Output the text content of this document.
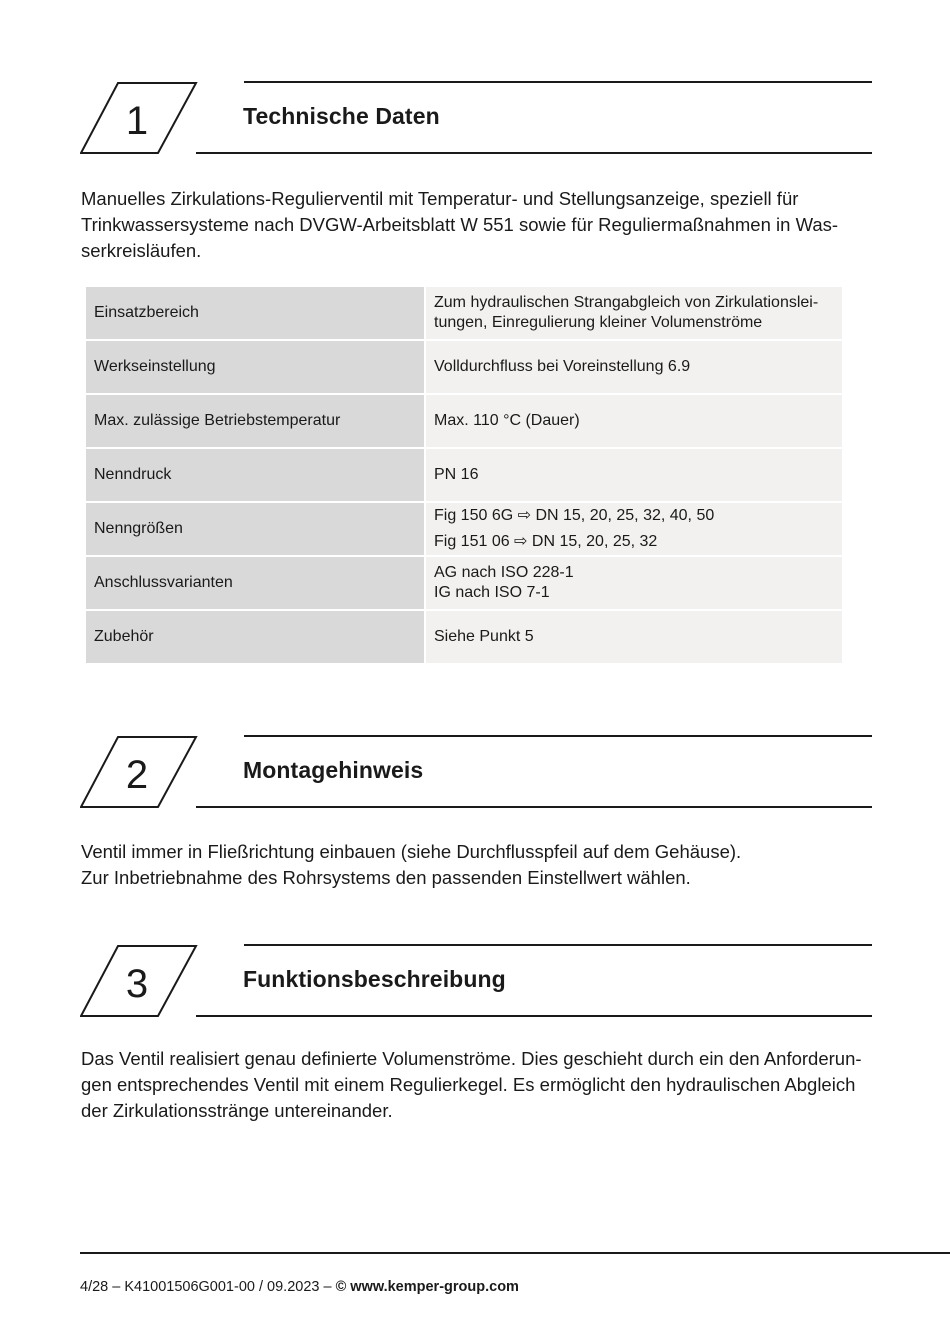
1	Technische Daten
Manuelles Zirkulations-Regulierventil mit Temperatur- und Stellungsanzeige, speziell für
Trinkwassersysteme nach DVGW-Arbeitsblatt W 551 sowie für Reguliermaßnahmen in Was-
serkreisläufen.
Einsatzbereich	Zum hydraulischen Strangabgleich von Zirkulationslei-
tungen, Einregulierung kleiner Volumenströme

Werkseinstellung	Volldurchfluss bei Voreinstellung 6.9

Max. zulässige Betriebstemperatur	Max. 110 °C (Dauer)

Nenndruck	PN 16

Nenngrößen	Fig 150 6G ⇨ DN 15, 20, 25, 32, 40, 50
Fig 151 06 ⇨ DN 15, 20, 25, 32

Anschlussvarianten	AG nach ISO 228-1
IG nach ISO 7-1

Zubehör	Siehe Punkt 5
2	Montagehinweis
Ventil immer in Fließrichtung einbauen (siehe Durchflusspfeil auf dem Gehäuse).
Zur Inbetriebnahme des Rohrsystems den passenden Einstellwert wählen.
3	Funktionsbeschreibung
Das Ventil realisiert genau definierte Volumenströme. Dies geschieht durch ein den Anforderun-
gen entsprechendes Ventil mit einem Regulierkegel. Es ermöglicht den hydraulischen Abgleich
der Zirkulationsstränge untereinander.
4/28 – K41001506G001-00 / 09.2023 – © www.kemper-group.com
